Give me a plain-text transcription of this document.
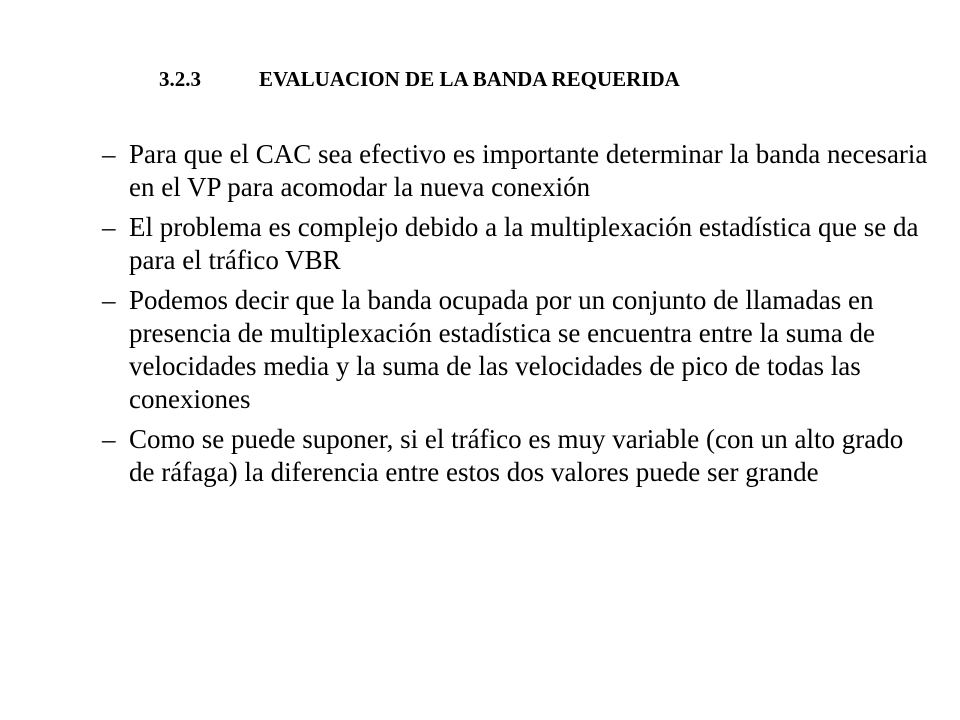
3.2.3	EVALUACION DE LA BANDA REQUERIDA
– Para que el CAC sea efectivo es importante determinar la banda necesaria en el VP para acomodar la nueva conexión
– El problema es complejo debido a la multiplexación estadística que se da para el tráfico VBR
– Podemos decir que la banda ocupada por un conjunto de llamadas en presencia de multiplexación estadística se encuentra entre la suma de velocidades media y la suma de las velocidades de pico de todas las conexiones
– Como se puede suponer, si el tráfico es muy variable (con un alto grado de ráfaga) la diferencia entre estos dos valores puede ser grande
